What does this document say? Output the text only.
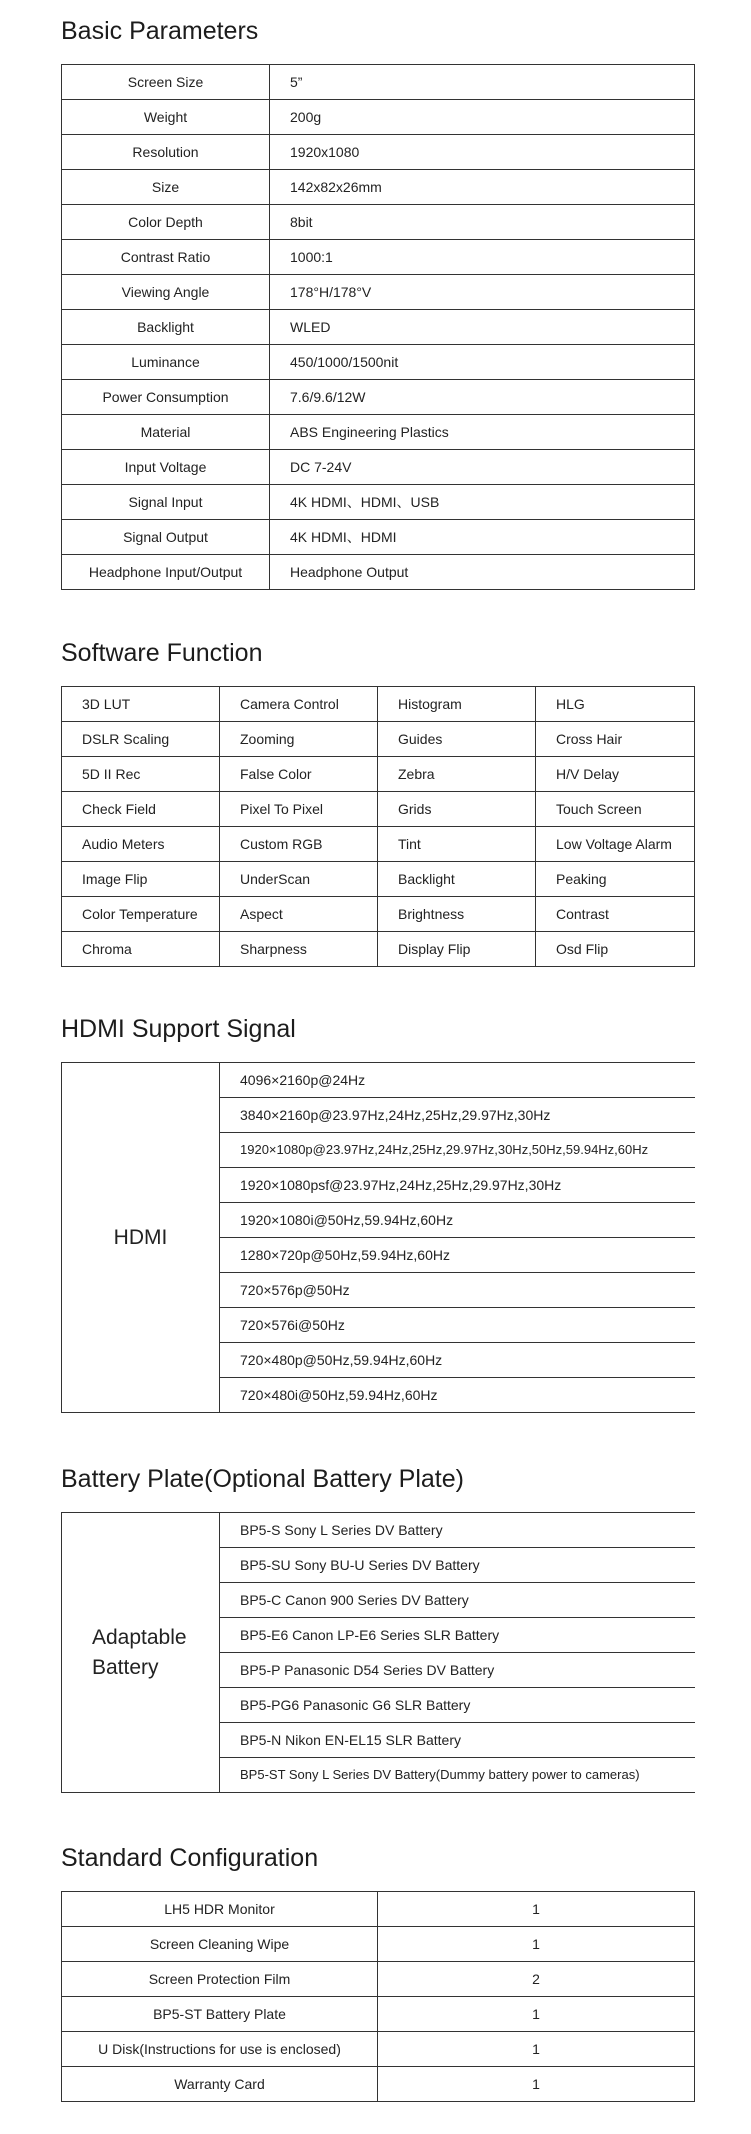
Basic Parameters
Screen Size	5”
Weight	200g
Resolution	1920x1080
Size	142x82x26mm
Color Depth	8bit
Contrast Ratio	1000:1
Viewing Angle	178°H/178°V
Backlight	WLED
Luminance	450/1000/1500nit
Power Consumption	7.6/9.6/12W
Material	ABS Engineering Plastics
Input Voltage	DC 7-24V
Signal Input	4K HDMI、HDMI、USB
Signal Output	4K HDMI、HDMI
Headphone Input/Output	Headphone Output
Software Function
3D LUT	Camera Control	Histogram	HLG
DSLR Scaling	Zooming	Guides	Cross Hair
5D II Rec	False Color	Zebra	H/V Delay
Check Field	Pixel To Pixel	Grids	Touch Screen
Audio Meters	Custom RGB	Tint	Low Voltage Alarm
Image Flip	UnderScan	Backlight	Peaking
Color Temperature	Aspect	Brightness	Contrast
Chroma	Sharpness	Display Flip	Osd Flip
HDMI Support Signal
HDMI	4096×2160p@24Hz
3840×2160p@23.97Hz,24Hz,25Hz,29.97Hz,30Hz
1920×1080p@23.97Hz,24Hz,25Hz,29.97Hz,30Hz,50Hz,59.94Hz,60Hz
1920×1080psf@23.97Hz,24Hz,25Hz,29.97Hz,30Hz
1920×1080i@50Hz,59.94Hz,60Hz
1280×720p@50Hz,59.94Hz,60Hz
720×576p@50Hz
720×576i@50Hz
720×480p@50Hz,59.94Hz,60Hz
720×480i@50Hz,59.94Hz,60Hz
Battery Plate(Optional Battery Plate)
Adaptable Battery	BP5-S Sony L Series DV Battery
BP5-SU Sony BU-U Series DV Battery
BP5-C Canon 900 Series DV Battery
BP5-E6 Canon LP-E6 Series SLR Battery
BP5-P Panasonic D54 Series DV Battery
BP5-PG6 Panasonic G6 SLR Battery
BP5-N Nikon EN-EL15 SLR Battery
BP5-ST Sony L Series DV Battery(Dummy battery power to cameras)
Standard Configuration
LH5 HDR Monitor	1
Screen Cleaning Wipe	1
Screen Protection Film	2
BP5-ST Battery Plate	1
U Disk(Instructions for use is enclosed)	1
Warranty Card	1
